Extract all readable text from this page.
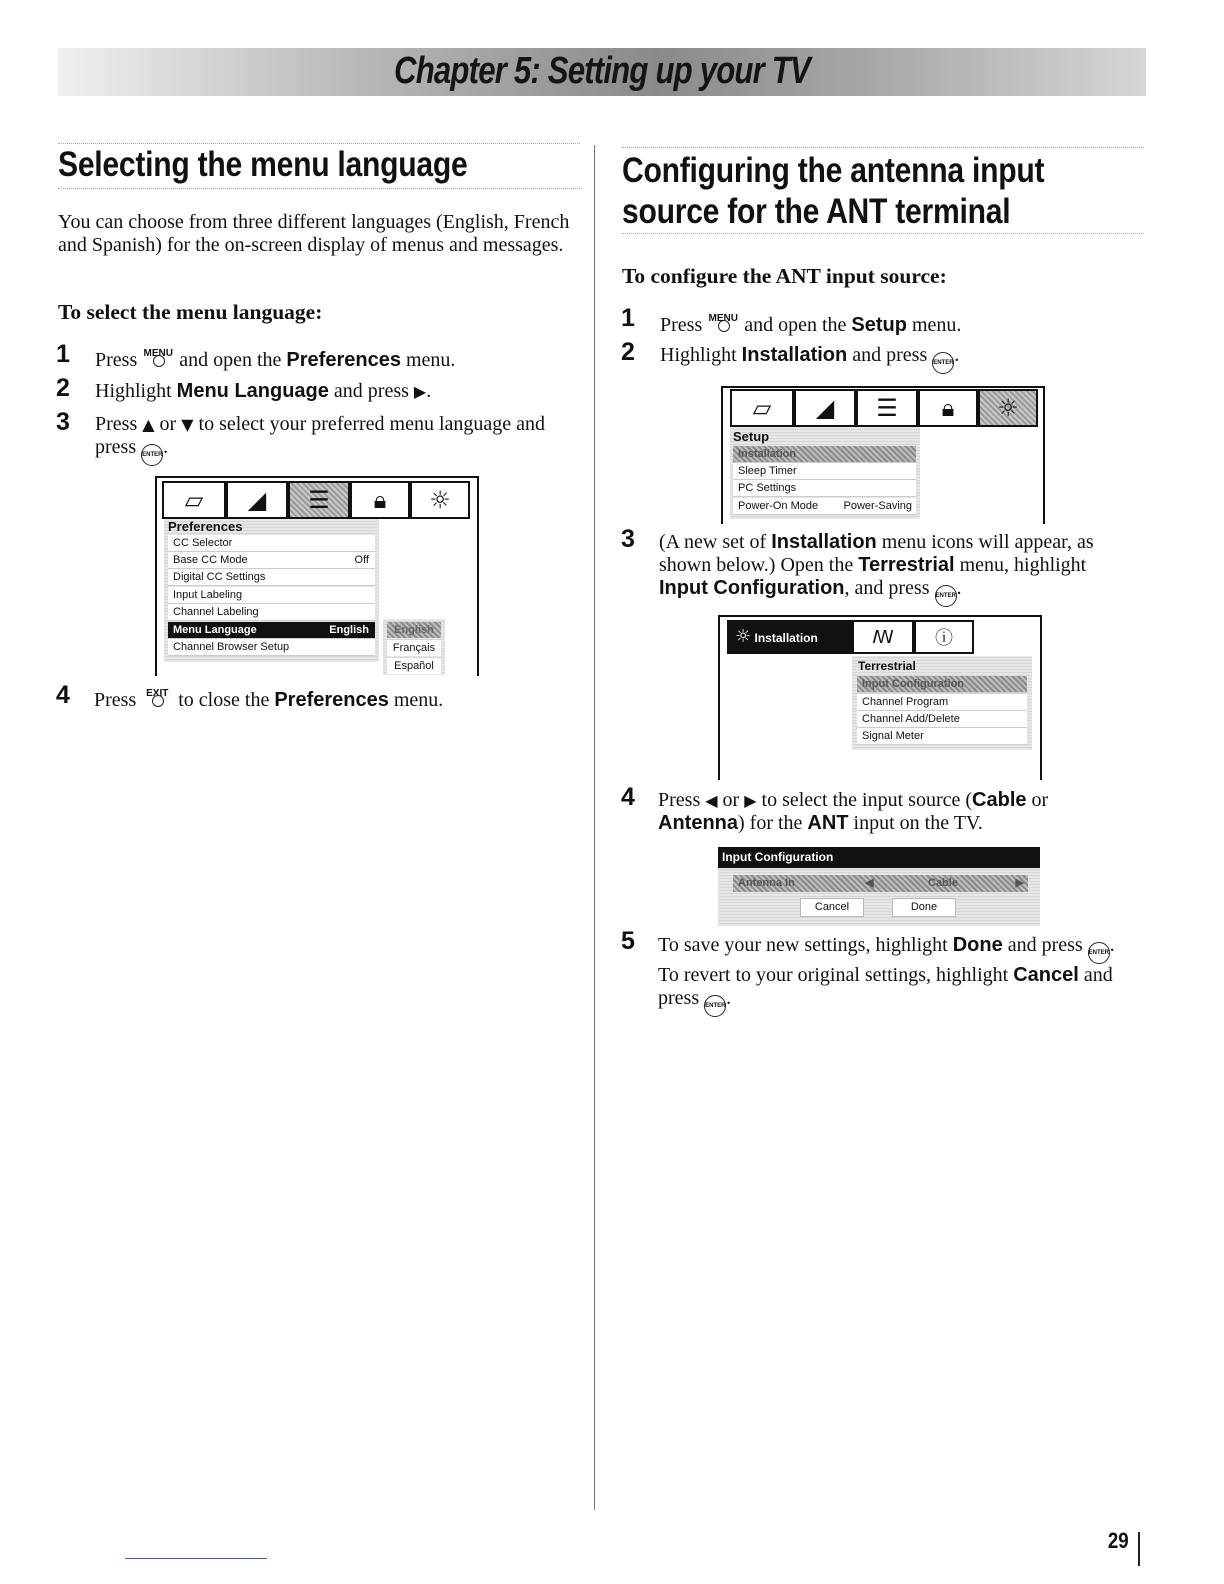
Chapter 5: Setting up your TV
Selecting the menu language
You can choose from three different languages (English, French and Spanish) for the on-screen display of menus and messages.
To select the menu language:
1 Press MENU and open the Preferences menu.
2 Highlight Menu Language and press ▶.
3 Press ▲ or ▼ to select your preferred menu language and
press ENTER.
▱	◢	☰	🔒︎	☼
Preferences
CC Selector
Base CC Mode	Off
Digital CC Settings
Input Labeling
Channel Labeling
Menu Language	English
Channel Browser Setup
English
Français
Español
4 Press EXIT to close the Preferences menu.
Configuring the antenna input
source for the ANT terminal
To configure the ANT input source:
1 Press MENU and open the Setup menu.
2 Highlight Installation and press ENTER.
▱	◢	☰	🔒︎	☼
Setup
Installation
Sleep Timer
PC Settings
Power-On Mode Power-Saving
3 (A new set of Installation menu icons will appear, as
shown below.) Open the Terrestrial menu, highlight
Input Configuration, and press ENTER.
☼ Installation	ꟿ	ⓘ
Terrestrial
Input Configuration
Channel Program
Channel Add/Delete
Signal Meter
4 Press ◀ or ▶ to select the input source (Cable or
Antenna) for the ANT input on the TV.
Input Configuration
Antenna In	◀	Cable	▶
Cancel	Done
5 To save your new settings, highlight Done and press ENTER.
To revert to your original settings, highlight Cancel and
press ENTER.
29
